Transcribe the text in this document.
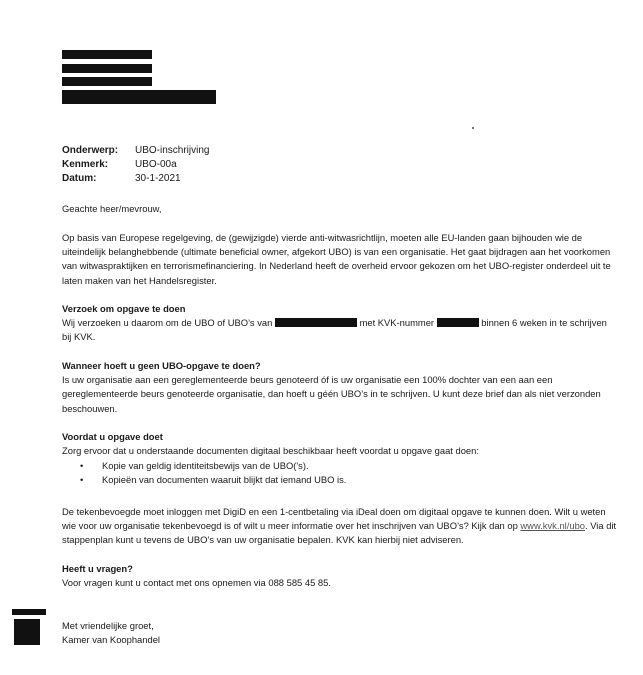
Onderwerp:	UBO-inschrijving
Kenmerk:	UBO-00a
Datum:	30-1-2021
Geachte heer/mevrouw,
Op basis van Europese regelgeving, de (gewijzigde) vierde anti-witwasrichtlijn, moeten alle EU-landen gaan bijhouden wie de uiteindelijk belanghebbende (ultimate beneficial owner, afgekort UBO) is van een organisatie. Het gaat bijdragen aan het voorkomen van witwaspraktijken en terrorismefinanciering. In Nederland heeft de overheid ervoor gekozen om het UBO-register onderdeel uit te laten maken van het Handelsregister.
Verzoek om opgave te doen
Wij verzoeken u daarom om de UBO of UBO’s van	met KVK-nummer	binnen 6 weken in te schrijven bij KVK.
Wanneer hoeft u geen UBO-opgave te doen?
Is uw organisatie aan een gereglementeerde beurs genoteerd óf is uw organisatie een 100% dochter van een aan een gereglementeerde beurs genoteerde organisatie, dan hoeft u géén UBO’s in te schrijven. U kunt deze brief dan als niet verzonden beschouwen.
Voordat u opgave doet
Zorg ervoor dat u onderstaande documenten digitaal beschikbaar heeft voordat u opgave gaat doen:
•	Kopie van geldig identiteitsbewijs van de UBO('s).
•	Kopieën van documenten waaruit blijkt dat iemand UBO is.
De tekenbevoegde moet inloggen met DigiD en een 1-centbetaling via iDeal doen om digitaal opgave te kunnen doen. Wilt u weten wie voor uw organisatie tekenbevoegd is of wilt u meer informatie over het inschrijven van UBO’s? Kijk dan op www.kvk.nl/ubo. Via dit stappenplan kunt u tevens de UBO’s van uw organisatie bepalen. KVK kan hierbij niet adviseren.
Heeft u vragen?
Voor vragen kunt u contact met ons opnemen via 088 585 45 85.
Met vriendelijke groet,
Kamer van Koophandel
